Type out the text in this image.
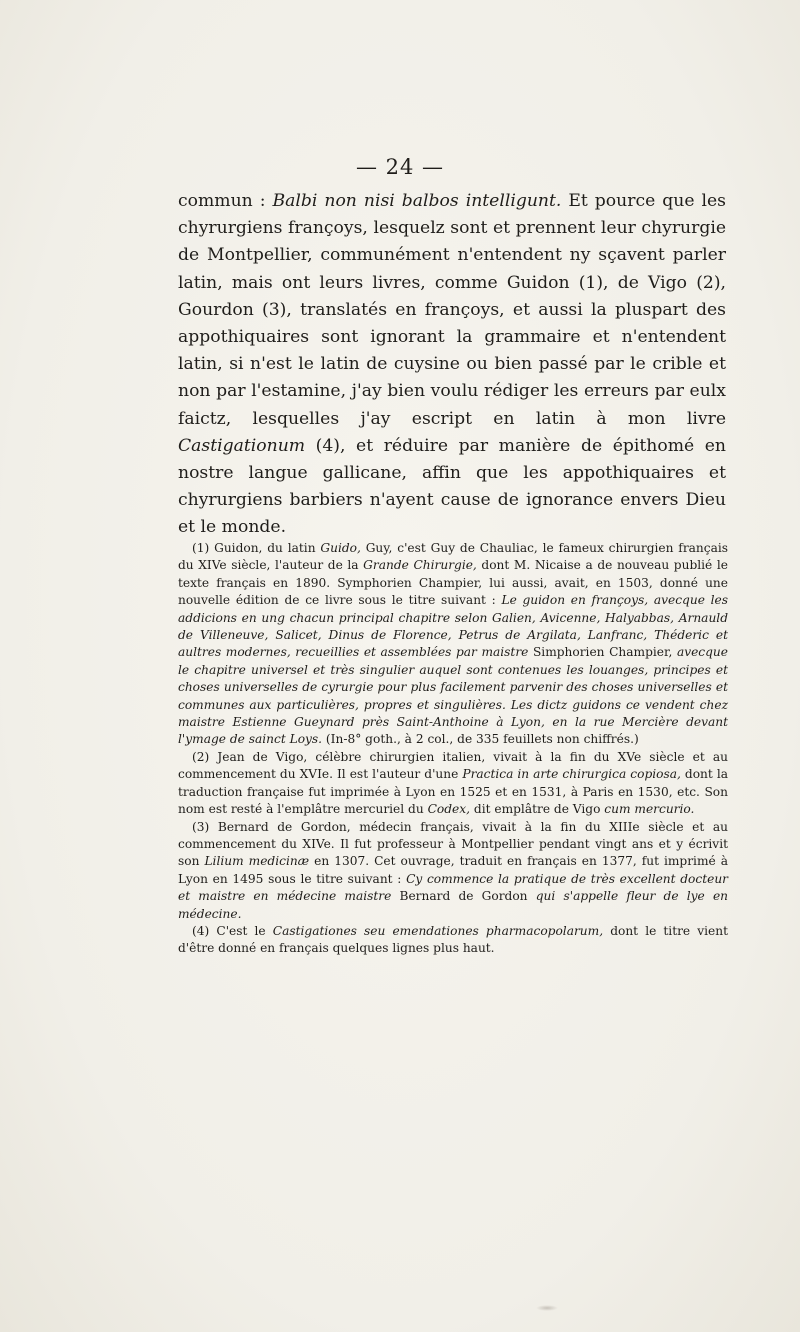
— 24 —

commun : Balbi non nisi balbos intelligunt. Et pource que les chyrurgiens françoys, lesquelz sont et prennent leur chyrurgie de Montpellier, communément n'entendent ny sçavent parler latin, mais ont leurs livres, comme Guidon (1), de Vigo (2), Gourdon (3), translatés en françoys, et aussi la pluspart des appothiquaires sont ignorant la grammaire et n'entendent latin, si n'est le latin de cuysine ou bien passé par le crible et non par l'estamine, j'ay bien voulu rédiger les erreurs par eulx faictz, lesquelles j'ay escript en latin à mon livre Castigationum (4), et réduire par manière de épithomé en nostre langue gallicane, affin que les appothiquaires et chyrurgiens barbiers n'ayent cause de ignorance envers Dieu et le monde.

(1) Guidon, du latin Guido, Guy, c'est Guy de Chauliac, le fameux chirurgien français du XIVe siècle, l'auteur de la Grande Chirurgie, dont M. Nicaise a de nouveau publié le texte français en 1890. Symphorien Champier, lui aussi, avait, en 1503, donné une nouvelle édition de ce livre sous le titre suivant : Le guidon en françoys, avecque les addicions en ung chacun principal chapitre selon Galien, Avicenne, Halyabbas, Arnauld de Villeneuve, Salicet, Dinus de Florence, Petrus de Argilata, Lanfranc, Théderic et aultres modernes, recueillies et assemblées par maistre Simphorien Champier, avecque le chapitre universel et très singulier auquel sont contenues les louanges, principes et choses universelles de cyrurgie pour plus facilement parvenir des choses universelles et communes aux particulières, propres et singulières. Les dictz guidons ce vendent chez maistre Estienne Gueynard près Saint-Anthoine à Lyon, en la rue Mercière devant l'ymage de sainct Loys. (In-8° goth., à 2 col., de 335 feuillets non chiffrés.)

(2) Jean de Vigo, célèbre chirurgien italien, vivait à la fin du XVe siècle et au commencement du XVIe. Il est l'auteur d'une Practica in arte chirurgica copiosa, dont la traduction française fut imprimée à Lyon en 1525 et en 1531, à Paris en 1530, etc. Son nom est resté à l'emplâtre mercuriel du Codex, dit emplâtre de Vigo cum mercurio.

(3) Bernard de Gordon, médecin français, vivait à la fin du XIIIe siècle et au commencement du XIVe. Il fut professeur à Montpellier pendant vingt ans et y écrivit son Lilium medicinæ en 1307. Cet ouvrage, traduit en français en 1377, fut imprimé à Lyon en 1495 sous le titre suivant : Cy commence la pratique de très excellent docteur et maistre en médecine maistre Bernard de Gordon qui s'appelle fleur de lye en médecine.

(4) C'est le Castigationes seu emendationes pharmacopolarum, dont le titre vient d'être donné en français quelques lignes plus haut.
